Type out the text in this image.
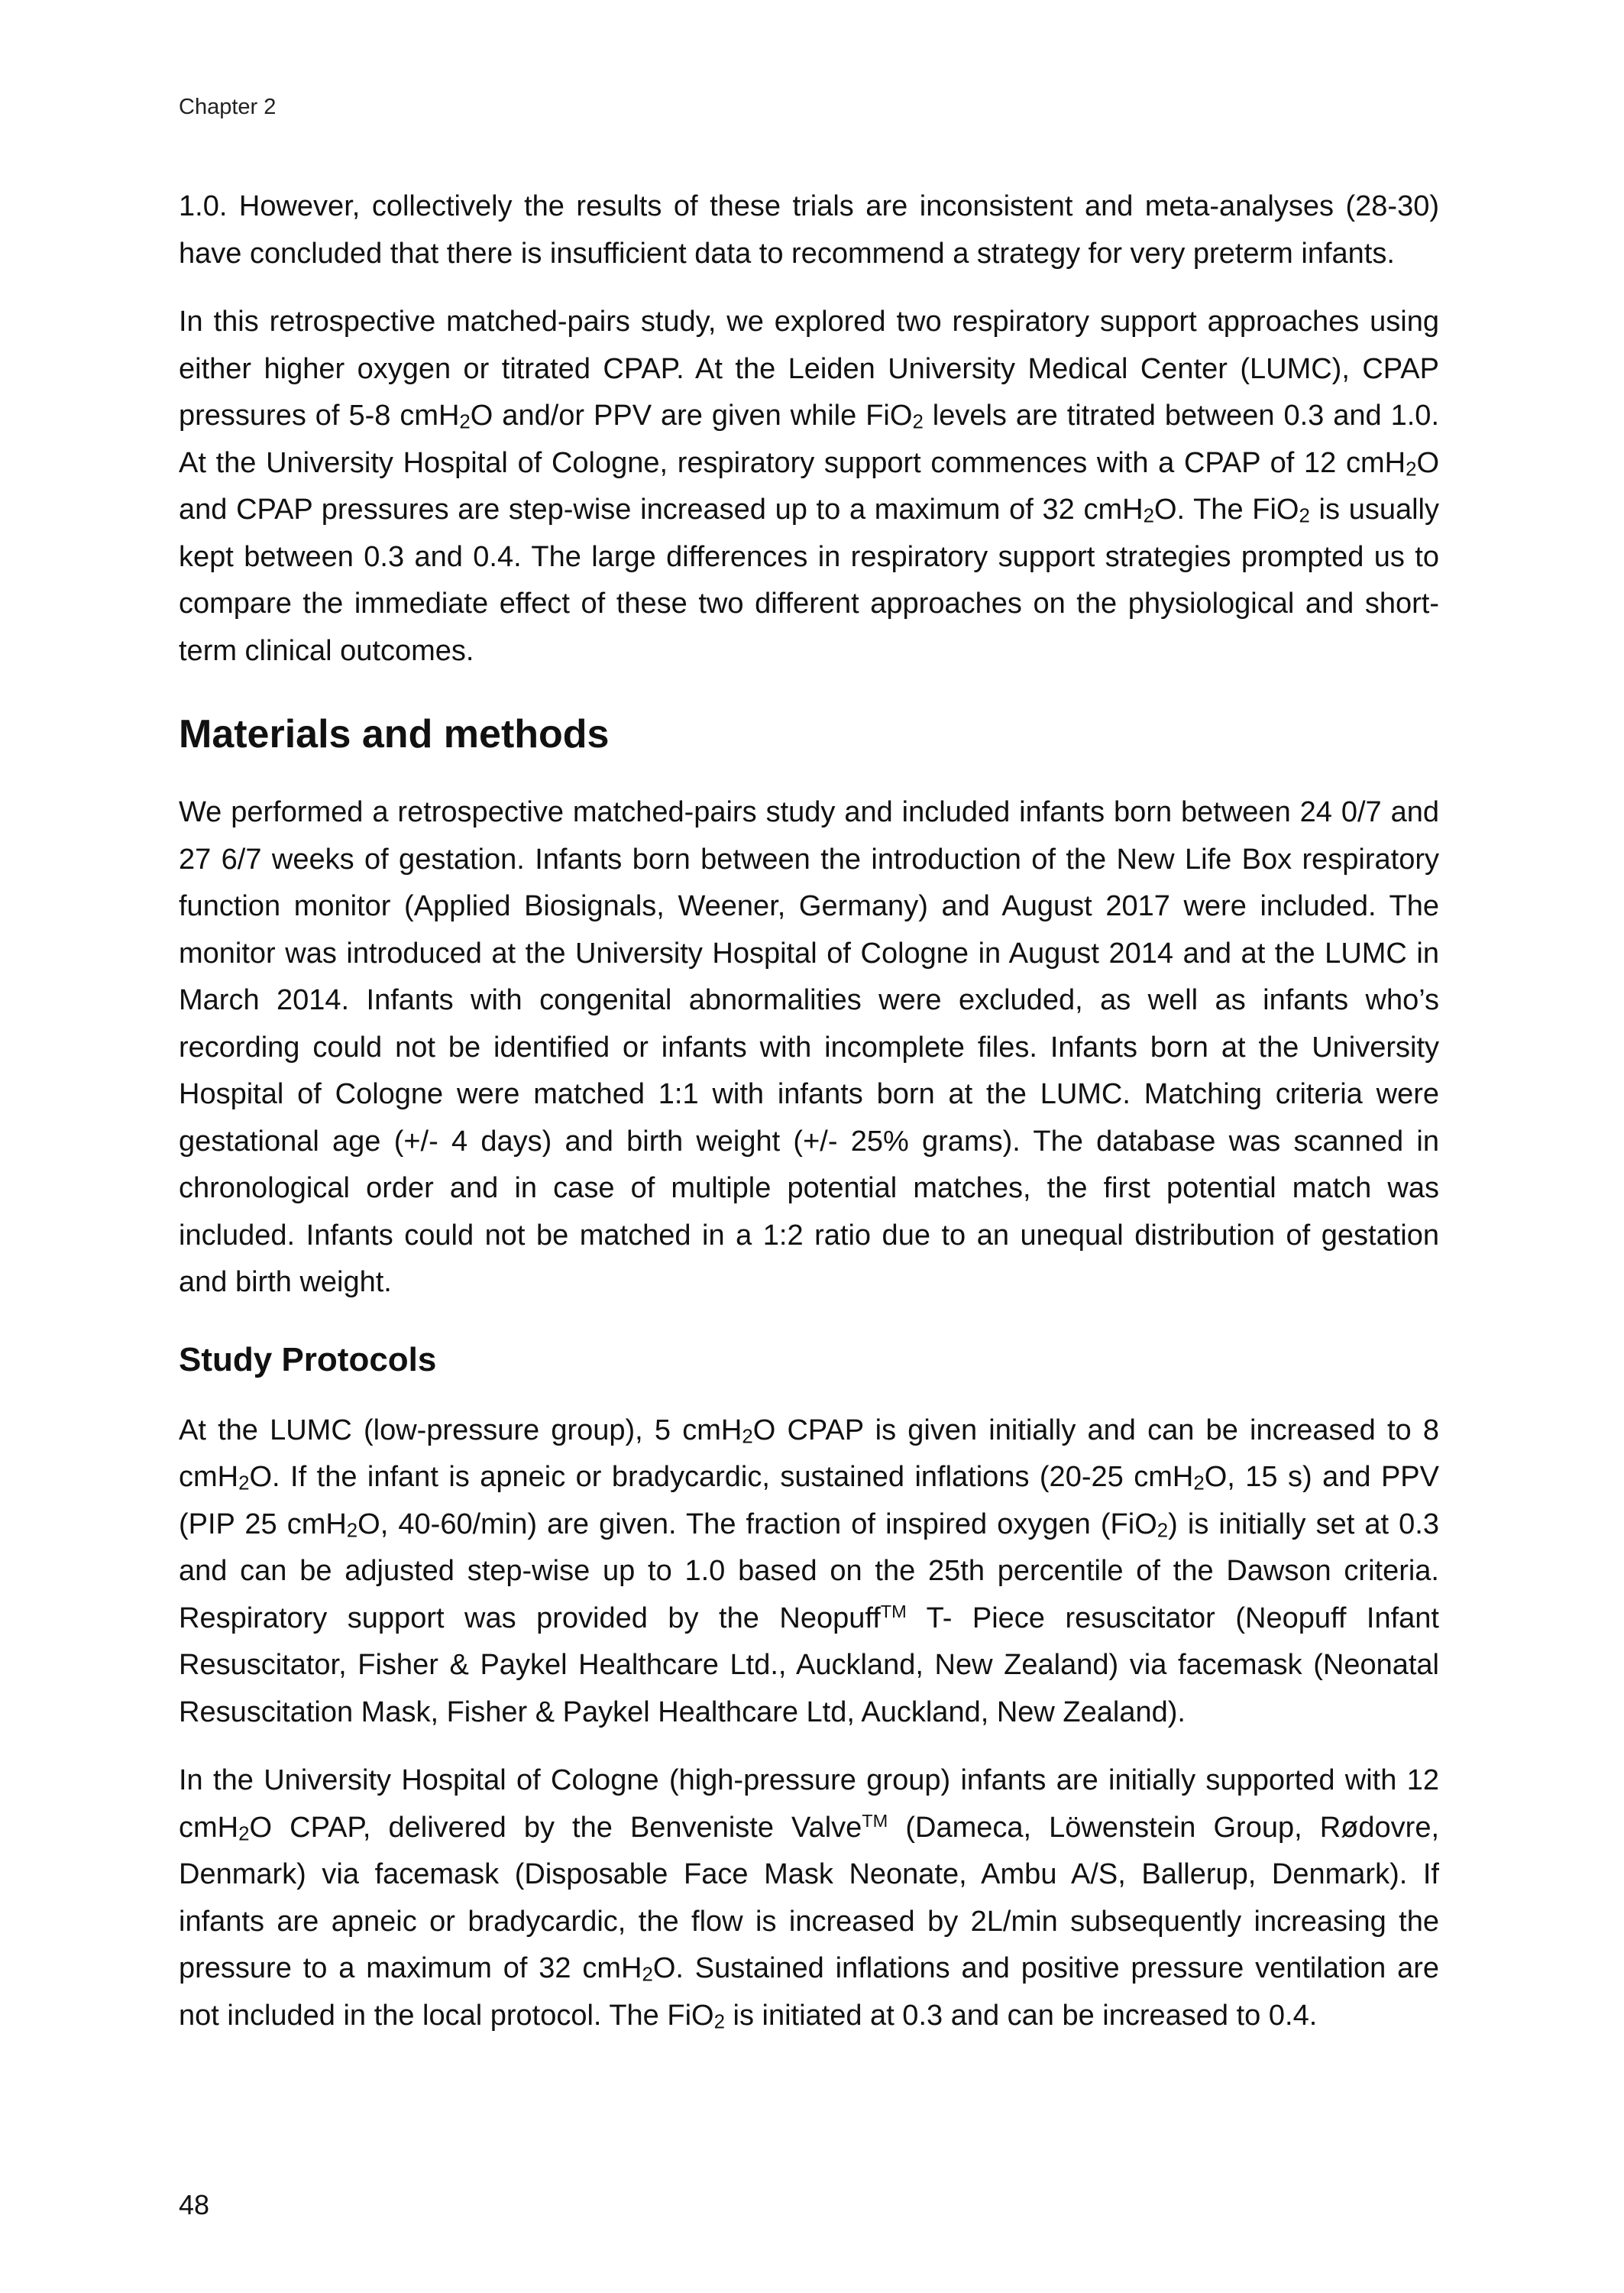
Chapter 2

1.0. However, collectively the results of these trials are inconsistent and meta-analyses (28-30) have concluded that there is insufficient data to recommend a strategy for very preterm infants.

In this retrospective matched-pairs study, we explored two respiratory support approaches using either higher oxygen or titrated CPAP. At the Leiden University Medical Center (LUMC), CPAP pressures of 5-8 cmH$_2$O and/or PPV are given while FiO$_2$ levels are titrated between 0.3 and 1.0. At the University Hospital of Cologne, respiratory support commences with a CPAP of 12 cmH$_2$O and CPAP pressures are step-wise increased up to a maximum of 32 cmH$_2$O. The FiO$_2$ is usually kept between 0.3 and 0.4. The large differences in respiratory support strategies prompted us to compare the immediate effect of these two different approaches on the physiological and short-term clinical outcomes.

Materials and methods

We performed a retrospective matched-pairs study and included infants born between 24 0/7 and 27 6/7 weeks of gestation. Infants born between the introduction of the New Life Box respiratory function monitor (Applied Biosignals, Weener, Germany) and August 2017 were included. The monitor was introduced at the University Hospital of Cologne in August 2014 and at the LUMC in March 2014. Infants with congenital abnormalities were excluded, as well as infants who’s recording could not be identified or infants with incomplete files. Infants born at the University Hospital of Cologne were matched 1:1 with infants born at the LUMC. Matching criteria were gestational age (+/- 4 days) and birth weight (+/- 25% grams). The database was scanned in chronological order and in case of multiple potential matches, the first potential match was included. Infants could not be matched in a 1:2 ratio due to an unequal distribution of gestation and birth weight.

Study Protocols

At the LUMC (low-pressure group), 5 cmH$_2$O CPAP is given initially and can be increased to 8 cmH$_2$O. If the infant is apneic or bradycardic, sustained inflations (20-25 cmH$_2$O, 15 s) and PPV (PIP 25 cmH$_2$O, 40-60/min) are given. The fraction of inspired oxygen (FiO$_2$) is initially set at 0.3 and can be adjusted step-wise up to 1.0 based on the 25th percentile of the Dawson criteria. Respiratory support was provided by the Neopuff™ T- Piece resuscitator (Neopuff Infant Resuscitator, Fisher & Paykel Healthcare Ltd., Auckland, New Zealand) via facemask (Neonatal Resuscitation Mask, Fisher & Paykel Healthcare Ltd, Auckland, New Zealand).

In the University Hospital of Cologne (high-pressure group) infants are initially supported with 12 cmH$_2$O CPAP, delivered by the Benveniste Valve™ (Dameca, Löwenstein Group, Rødovre, Denmark) via facemask (Disposable Face Mask Neonate, Ambu A/S, Ballerup, Denmark). If infants are apneic or bradycardic, the flow is increased by 2L/min subsequently increasing the pressure to a maximum of 32 cmH$_2$O. Sustained inflations and positive pressure ventilation are not included in the local protocol. The FiO$_2$ is initiated at 0.3 and can be increased to 0.4.

48
